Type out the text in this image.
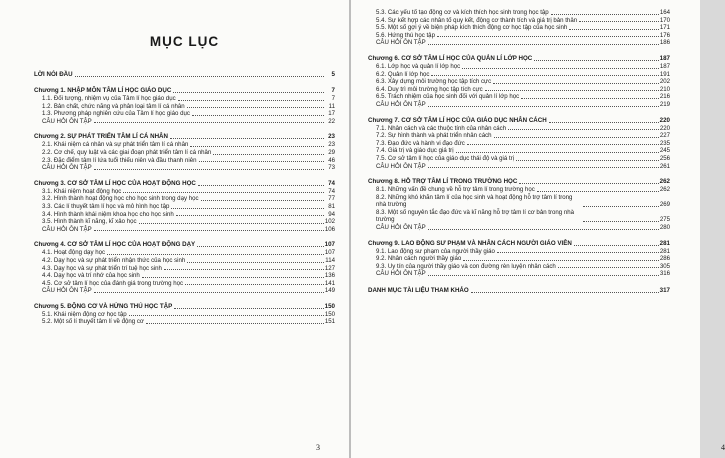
MỤC LỤC
LỜI NÓI ĐẦU	5
Chương 1. NHẬP MÔN TÂM LÍ HỌC GIÁO DỤC	7
1.1. Đối tượng, nhiệm vụ của Tâm lí học giáo dục	7
1.2. Bản chất, chức năng và phân loại tâm lí cá nhân	11
1.3. Phương pháp nghiên cứu của Tâm lí học giáo dục	17
CÂU HỎI ÔN TẬP	22
Chương 2. SỰ PHÁT TRIỂN TÂM LÍ CÁ NHÂN	23
2.1. Khái niệm cá nhân và sự phát triển tâm lí cá nhân	23
2.2. Cơ chế, quy luật và các giai đoạn phát triển tâm lí cá nhân	29
2.3. Đặc điểm tâm lí lứa tuổi thiếu niên và đầu thanh niên	46
CÂU HỎI ÔN TẬP	73
Chương 3. CƠ SỞ TÂM LÍ HỌC CỦA HOẠT ĐỘNG HỌC	74
3.1. Khái niệm hoạt động học	74
3.2. Hình thành hoạt động học cho học sinh trong dạy học	77
3.3. Các lí thuyết tâm lí học và mô hình học tập	81
3.4. Hình thành khái niệm khoa học cho học sinh	94
3.5. Hình thành kĩ năng, kĩ xảo học	102
CÂU HỎI ÔN TẬP	106
Chương 4. CƠ SỞ TÂM LÍ HỌC CỦA HOẠT ĐỘNG DẠY	107
4.1. Hoạt động dạy học	107
4.2. Dạy học và sự phát triển nhận thức của học sinh	114
4.3. Dạy học và sự phát triển trí tuệ học sinh	127
4.4. Dạy học và trí nhớ của học sinh	136
4.5. Cơ sở tâm lí học của đánh giá trong trường học	141
CÂU HỎI ÔN TẬP	149
Chương 5. ĐỘNG CƠ VÀ HỨNG THÚ HỌC TẬP	150
5.1. Khái niệm động cơ học tập	150
5.2. Một số lí thuyết tâm lí về động cơ	151
3
5.3. Các yếu tố tạo động cơ và kích thích học sinh trong học tập	164
5.4. Sự kết hợp các nhân tố quy kết, động cơ thành tích và giá trị bản thân	170
5.5. Một số gợi ý về biện pháp kích thích động cơ học tập của học sinh	171
5.6. Hứng thú học tập	176
CÂU HỎI ÔN TẬP	186
Chương 6. CƠ SỞ TÂM LÍ HỌC CỦA QUẢN LÍ LỚP HỌC	187
6.1. Lớp học và quản lí lớp học	187
6.2. Quản lí lớp học	191
6.3. Xây dựng môi trường học tập tích cực	202
6.4. Duy trì môi trường học tập tích cực	210
6.5. Trách nhiệm của học sinh đối với quản lí lớp học	216
CÂU HỎI ÔN TẬP	219
Chương 7. CƠ SỞ TÂM LÍ HỌC CỦA GIÁO DỤC NHÂN CÁCH	220
7.1. Nhân cách và các thuộc tính của nhân cách	220
7.2. Sự hình thành và phát triển nhân cách	227
7.3. Đạo đức và hành vi đạo đức	235
7.4. Giá trị và giáo dục giá trị	245
7.5. Cơ sở tâm lí học của giáo dục thái độ và giá trị	256
CÂU HỎI ÔN TẬP	261
Chương 8. HỖ TRỢ TÂM LÍ TRONG TRƯỜNG HỌC	262
8.1. Những vấn đề chung về hỗ trợ tâm lí trong trường học	262
8.2. Những khó khăn tâm lí của học sinh và hoạt động hỗ trợ tâm lí trong nhà trường	269
8.3. Một số nguyên tắc đạo đức và kĩ năng hỗ trợ tâm lí cơ bản trong nhà trường	275
CÂU HỎI ÔN TẬP	280
Chương 9. LAO ĐỘNG SƯ PHẠM VÀ NHÂN CÁCH NGƯỜI GIÁO VIÊN	281
9.1. Lao động sư phạm của người thầy giáo	281
9.2. Nhân cách người thầy giáo	286
9.3. Uy tín của người thầy giáo và con đường rèn luyện nhân cách	305
CÂU HỎI ÔN TẬP	316
DANH MỤC TÀI LIỆU THAM KHẢO	317
4
